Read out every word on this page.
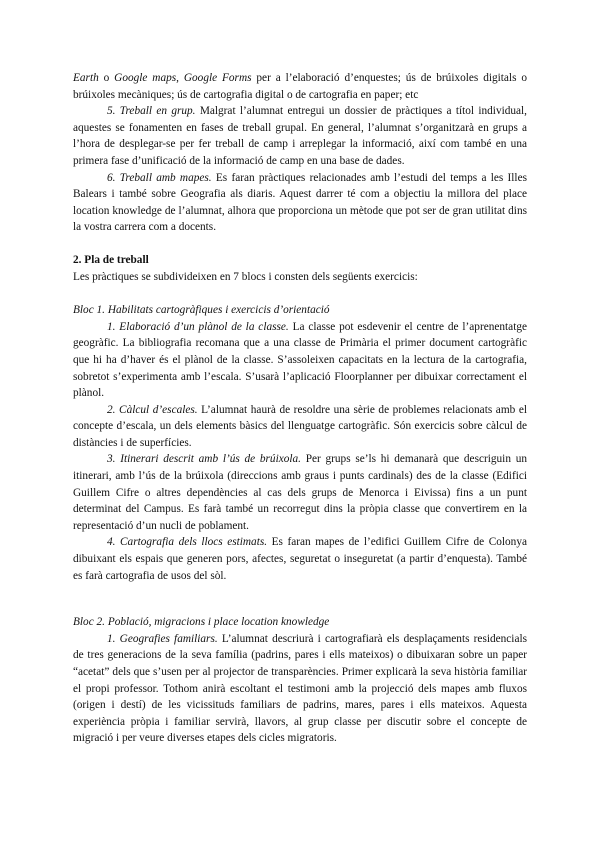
Earth o Google maps, Google Forms per a l’elaboració d’enquestes; ús de brúixoles digitals o brúixoles mecàniques; ús de cartografia digital o de cartografia en paper; etc

5. Treball en grup. Malgrat l’alumnat entregui un dossier de pràctiques a títol individual, aquestes se fonamenten en fases de treball grupal. En general, l’alumnat s’organitzarà en grups a l’hora de desplegar-se per fer treball de camp i arreplegar la informació, així com també en una primera fase d’unificació de la informació de camp en una base de dades.

6. Treball amb mapes. Es faran pràctiques relacionades amb l’estudi del temps a les Illes Balears i també sobre Geografia als diaris. Aquest darrer té com a objectiu la millora del place location knowledge de l’alumnat, alhora que proporciona un mètode que pot ser de gran utilitat dins la vostra carrera com a docents.

2. Pla de treball

Les pràctiques se subdivideixen en 7 blocs i consten dels següents exercicis:

Bloc 1. Habilitats cartogràfiques i exercicis d’orientació

1. Elaboració d’un plànol de la classe. La classe pot esdevenir el centre de l’aprenentatge geogràfic. La bibliografia recomana que a una classe de Primària el primer document cartogràfic que hi ha d’haver és el plànol de la classe. S’assoleixen capacitats en la lectura de la cartografia, sobretot s’experimenta amb l’escala. S’usarà l’aplicació Floorplanner per dibuixar correctament el plànol.

2. Càlcul d’escales. L’alumnat haurà de resoldre una sèrie de problemes relacionats amb el concepte d’escala, un dels elements bàsics del llenguatge cartogràfic. Són exercicis sobre càlcul de distàncies i de superfícies.

3. Itinerari descrit amb l’ús de brúixola. Per grups se’ls hi demanarà que descriguin un itinerari, amb l’ús de la brúixola (direccions amb graus i punts cardinals) des de la classe (Edifici Guillem Cifre o altres dependències al cas dels grups de Menorca i Eivissa) fins a un punt determinat del Campus. Es farà també un recorregut dins la pròpia classe que convertirem en la representació d’un nucli de poblament.

4. Cartografia dels llocs estimats. Es faran mapes de l’edifici Guillem Cifre de Colonya dibuixant els espais que generen pors, afectes, seguretat o inseguretat (a partir d’enquesta). També es farà cartografia de usos del sòl.

Bloc 2. Població, migracions i place location knowledge

1. Geografies familiars. L’alumnat descriurà i cartografiarà els desplaçaments residencials de tres generacions de la seva família (padrins, pares i ells mateixos) o dibuixaran sobre un paper “acetat” dels que s’usen per al projector de transparències. Primer explicarà la seva història familiar el propi professor. Tothom anirà escoltant el testimoni amb la projecció dels mapes amb fluxos (origen i destí) de les vicissituds familiars de padrins, mares, pares i ells mateixos. Aquesta experiència pròpia i familiar servirà, llavors, al grup classe per discutir sobre el concepte de migració i per veure diverses etapes dels cicles migratoris.
